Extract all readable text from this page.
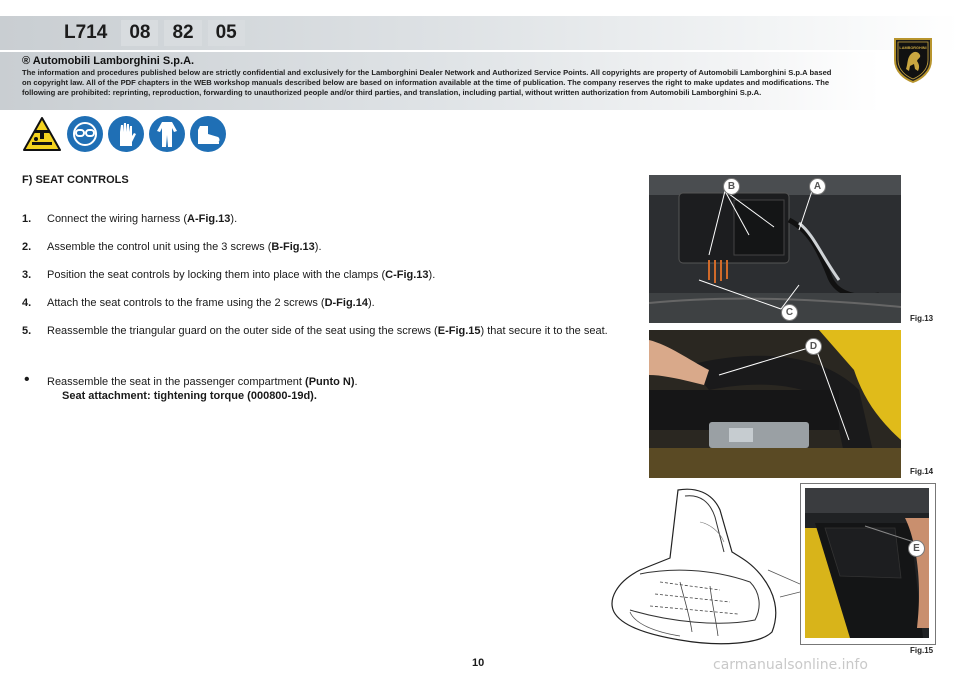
L714	08	82	05
® Automobili Lamborghini S.p.A.
The information and procedures published below are strictly confidential and exclusively for the Lamborghini Dealer Network and Authorized Service Points. All copyrights are property of Automobili Lamborghini S.p.A based on copyright law. All of the PDF chapters in the WEB workshop manuals described below are based on information available at the time of publication. The company reserves the right to make updates and modifications. The following are prohibited: reprinting, reproduction, forwarding to unauthorized people and/or third parties, and translation, including partial, without written authorization from Automobili Lamborghini S.p.A.
LAMBORGHINI
F) SEAT CONTROLS
1.	Connect the wiring harness (A-Fig.13).
2.	Assemble the control unit using the 3 screws (B-Fig.13).
3.	Position the seat controls by locking them into place with the clamps (C-Fig.13).
4.	Attach the seat controls to the frame using the 2 screws (D-Fig.14).
5.	Reassemble the triangular guard on the outer side of the seat using the screws (E-Fig.15) that secure it to the seat.
• Reassemble the seat in the passenger compartment (Punto N).
Seat attachment: tightening torque (000800-19d).
B	A
C
Fig.13
D
Fig.14
E
Fig.15
10	carmanualsonline.info
